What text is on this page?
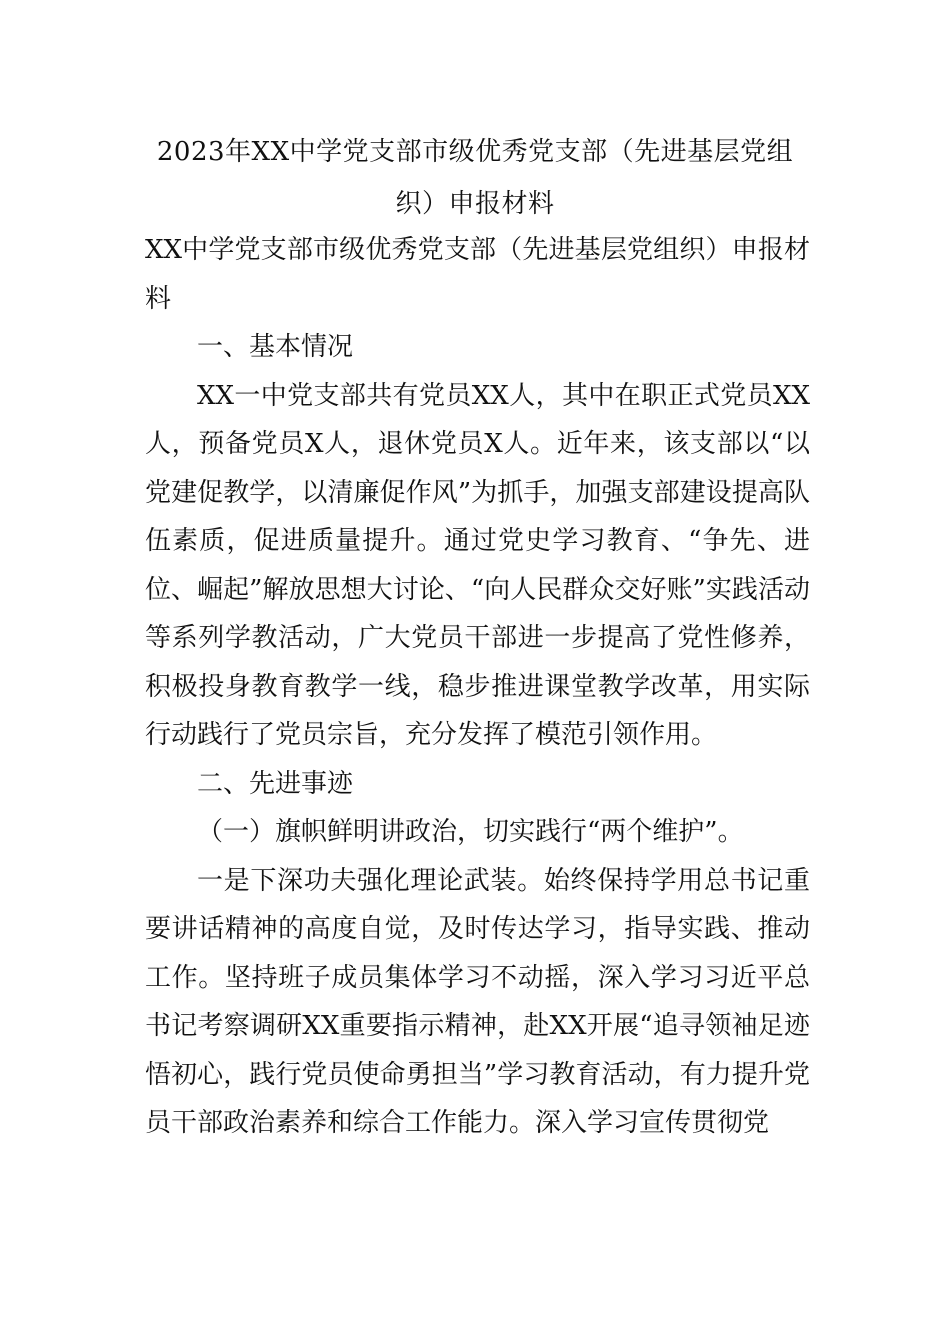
2023年XX中学党支部市级优秀党支部（先进基层党组织）申报材料

XX中学党支部市级优秀党支部（先进基层党组织）申报材料

一、基本情况

XX一中党支部共有党员XX人，其中在职正式党员XX人，预备党员X人，退休党员X人。近年来，该支部以“以党建促教学，以清廉促作风”为抓手，加强支部建设提高队伍素质，促进质量提升。通过党史学习教育、“争先、进位、崛起”解放思想大讨论、“向人民群众交好账”实践活动等系列学教活动，广大党员干部进一步提高了党性修养，积极投身教育教学一线，稳步推进课堂教学改革，用实际行动践行了党员宗旨，充分发挥了模范引领作用。

二、先进事迹

（一）旗帜鲜明讲政治，切实践行“两个维护”。

一是下深功夫强化理论武装。始终保持学用总书记重要讲话精神的高度自觉，及时传达学习，指导实践、推动工作。坚持班子成员集体学习不动摇，深入学习习近平总书记考察调研XX重要指示精神，赴XX开展“追寻领袖足迹悟初心，践行党员使命勇担当”学习教育活动，有力提升党员干部政治素养和综合工作能力。深入学习宣传贯彻党
